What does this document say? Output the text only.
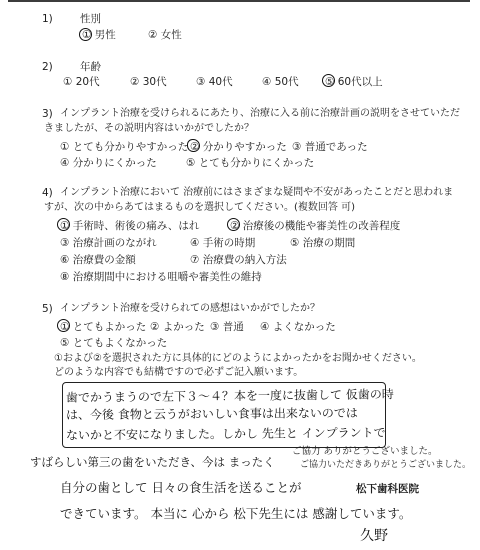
1)	性別
① 男性	② 女性
2)	年齢
① 20代	② 30代	③ 40代	④ 50代	⑤ 60代以上
3) インプラント治療を受けられるにあたり、治療に入る前に治療計画の説明をさせていただ
きましたが、その説明内容はいかがでしたか？
① とても分かりやすかった ② 分かりやすかった ③ 普通であった
④ 分かりにくかった	⑤ とても分かりにくかった
4) インプラント治療において 治療前にはさまざまな疑問や不安があったことだと思われま
すが、次の中からあてはまるものを選択してください。(複数回答 可)
① 手術時、術後の痛み、はれ	② 治療後の機能や審美性の改善程度
③ 治療計画のながれ	④ 手術の時期	⑤ 治療の期間
⑥ 治療費の金額	⑦ 治療費の納入方法
⑧ 治療期間中における咀嚼や審美性の維持
5) インプラント治療を受けられての感想はいかがでしたか？
① とてもよかった ② よかった ③ 普通 ④ よくなかった
⑤ とてもよくなかった
①および②を選択された方に具体的にどのようによかったかをお聞かせください。
どのような内容でも結構ですので必ずご記入願います。
歯でかうまうので左下３～４？本を一度に抜歯して 仮歯の時
は、今後 食物と云うがおいしい食事は出来ないのでは
ないかと不安になりました。しかし 先生と インプラントで
すばらしい第三の歯をいただき、今は まったく
自分の歯として 日々の食生活を送ることが
できています。 本当に 心から 松下先生には 感謝しています。
久野
ご協力 ありがとうございました。
ご協力いただきありがとうございました。
松下歯科医院
